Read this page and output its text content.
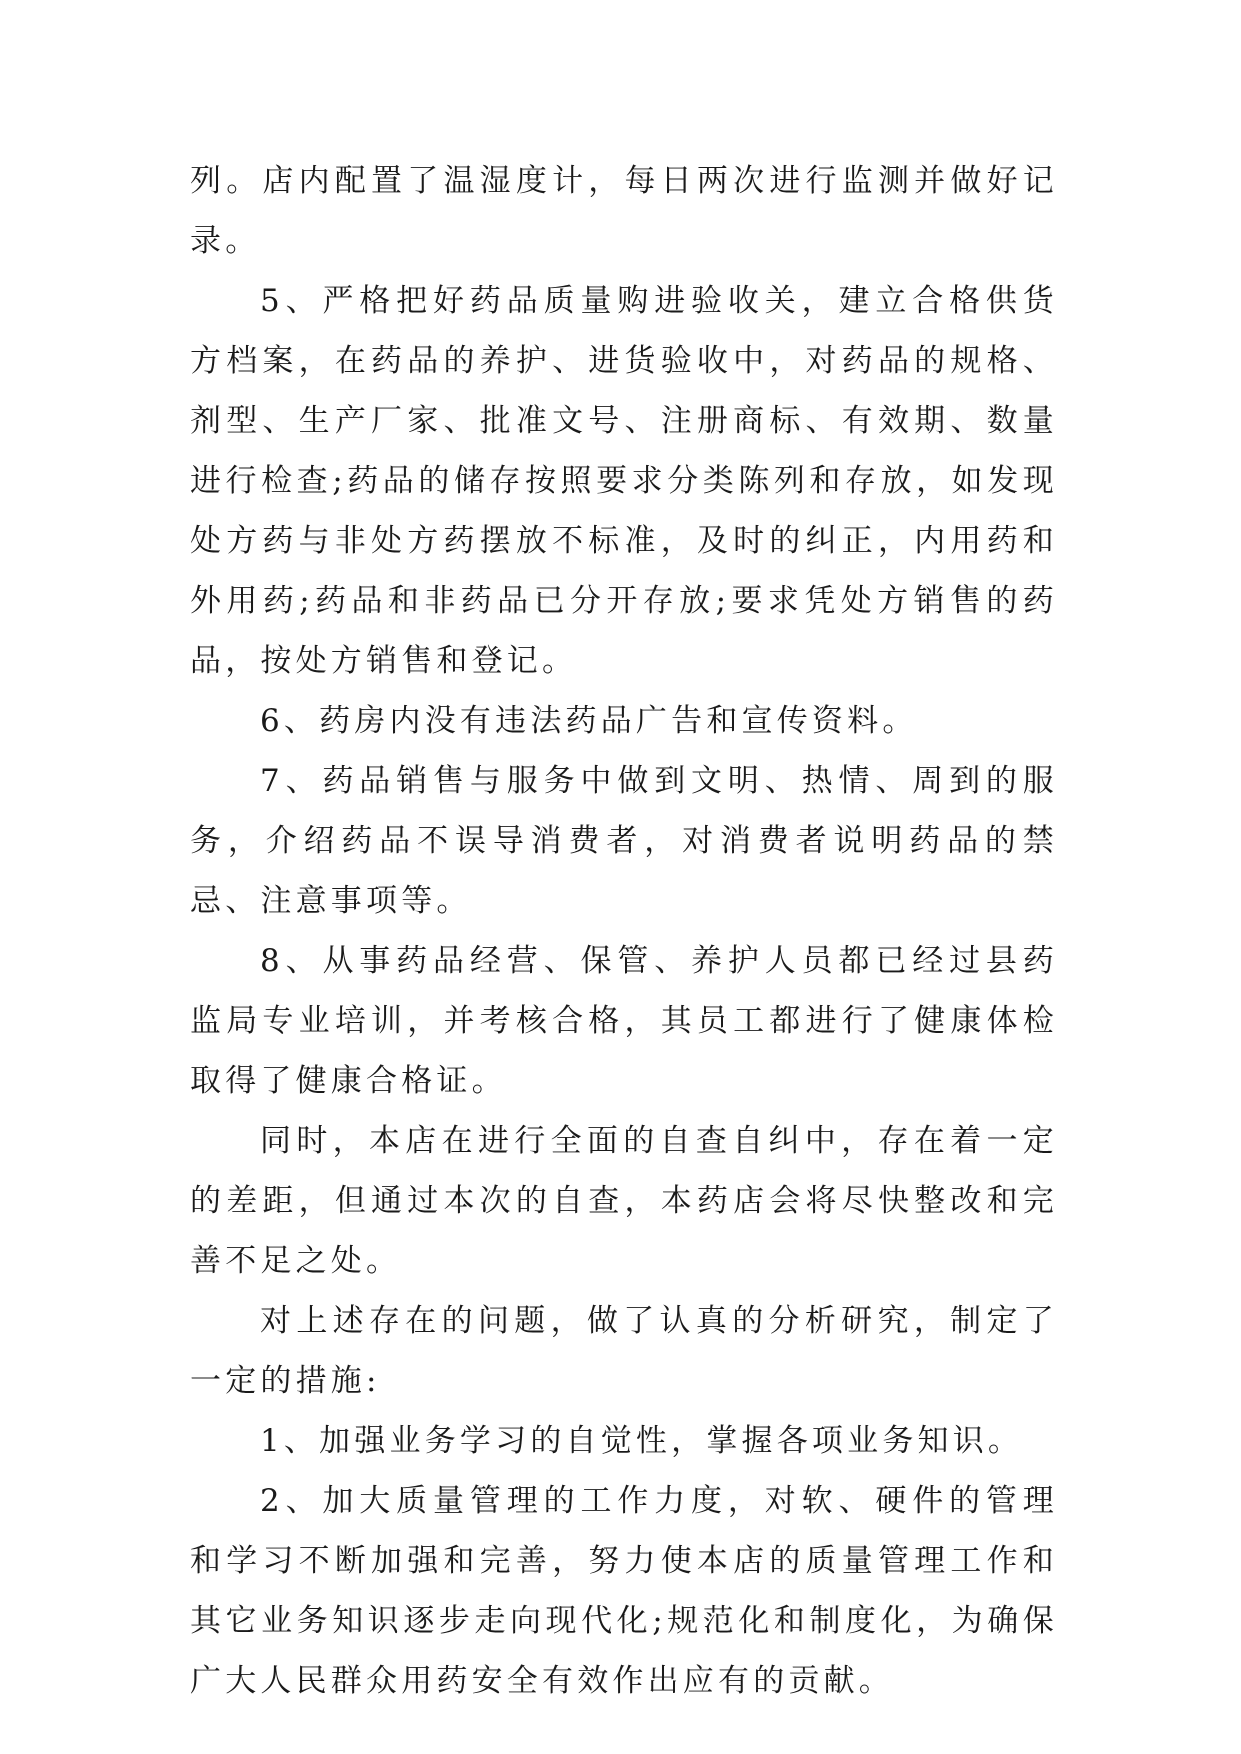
列。店内配置了温湿度计，每日两次进行监测并做好记录。

5、严格把好药品质量购进验收关，建立合格供货方档案，在药品的养护、进货验收中，对药品的规格、剂型、生产厂家、批准文号、注册商标、有效期、数量进行检查;药品的储存按照要求分类陈列和存放，如发现处方药与非处方药摆放不标准，及时的纠正，内用药和外用药;药品和非药品已分开存放;要求凭处方销售的药品，按处方销售和登记。

6、药房内没有违法药品广告和宣传资料。

7、药品销售与服务中做到文明、热情、周到的服务，介绍药品不误导消费者，对消费者说明药品的禁忌、注意事项等。

8、从事药品经营、保管、养护人员都已经过县药监局专业培训，并考核合格，其员工都进行了健康体检取得了健康合格证。

同时，本店在进行全面的自查自纠中，存在着一定的差距，但通过本次的自查，本药店会将尽快整改和完善不足之处。

对上述存在的问题，做了认真的分析研究，制定了一定的措施:

1、加强业务学习的自觉性，掌握各项业务知识。

2、加大质量管理的工作力度，对软、硬件的管理和学习不断加强和完善，努力使本店的质量管理工作和其它业务知识逐步走向现代化;规范化和制度化，为确保广大人民群众用药安全有效作出应有的贡献。
